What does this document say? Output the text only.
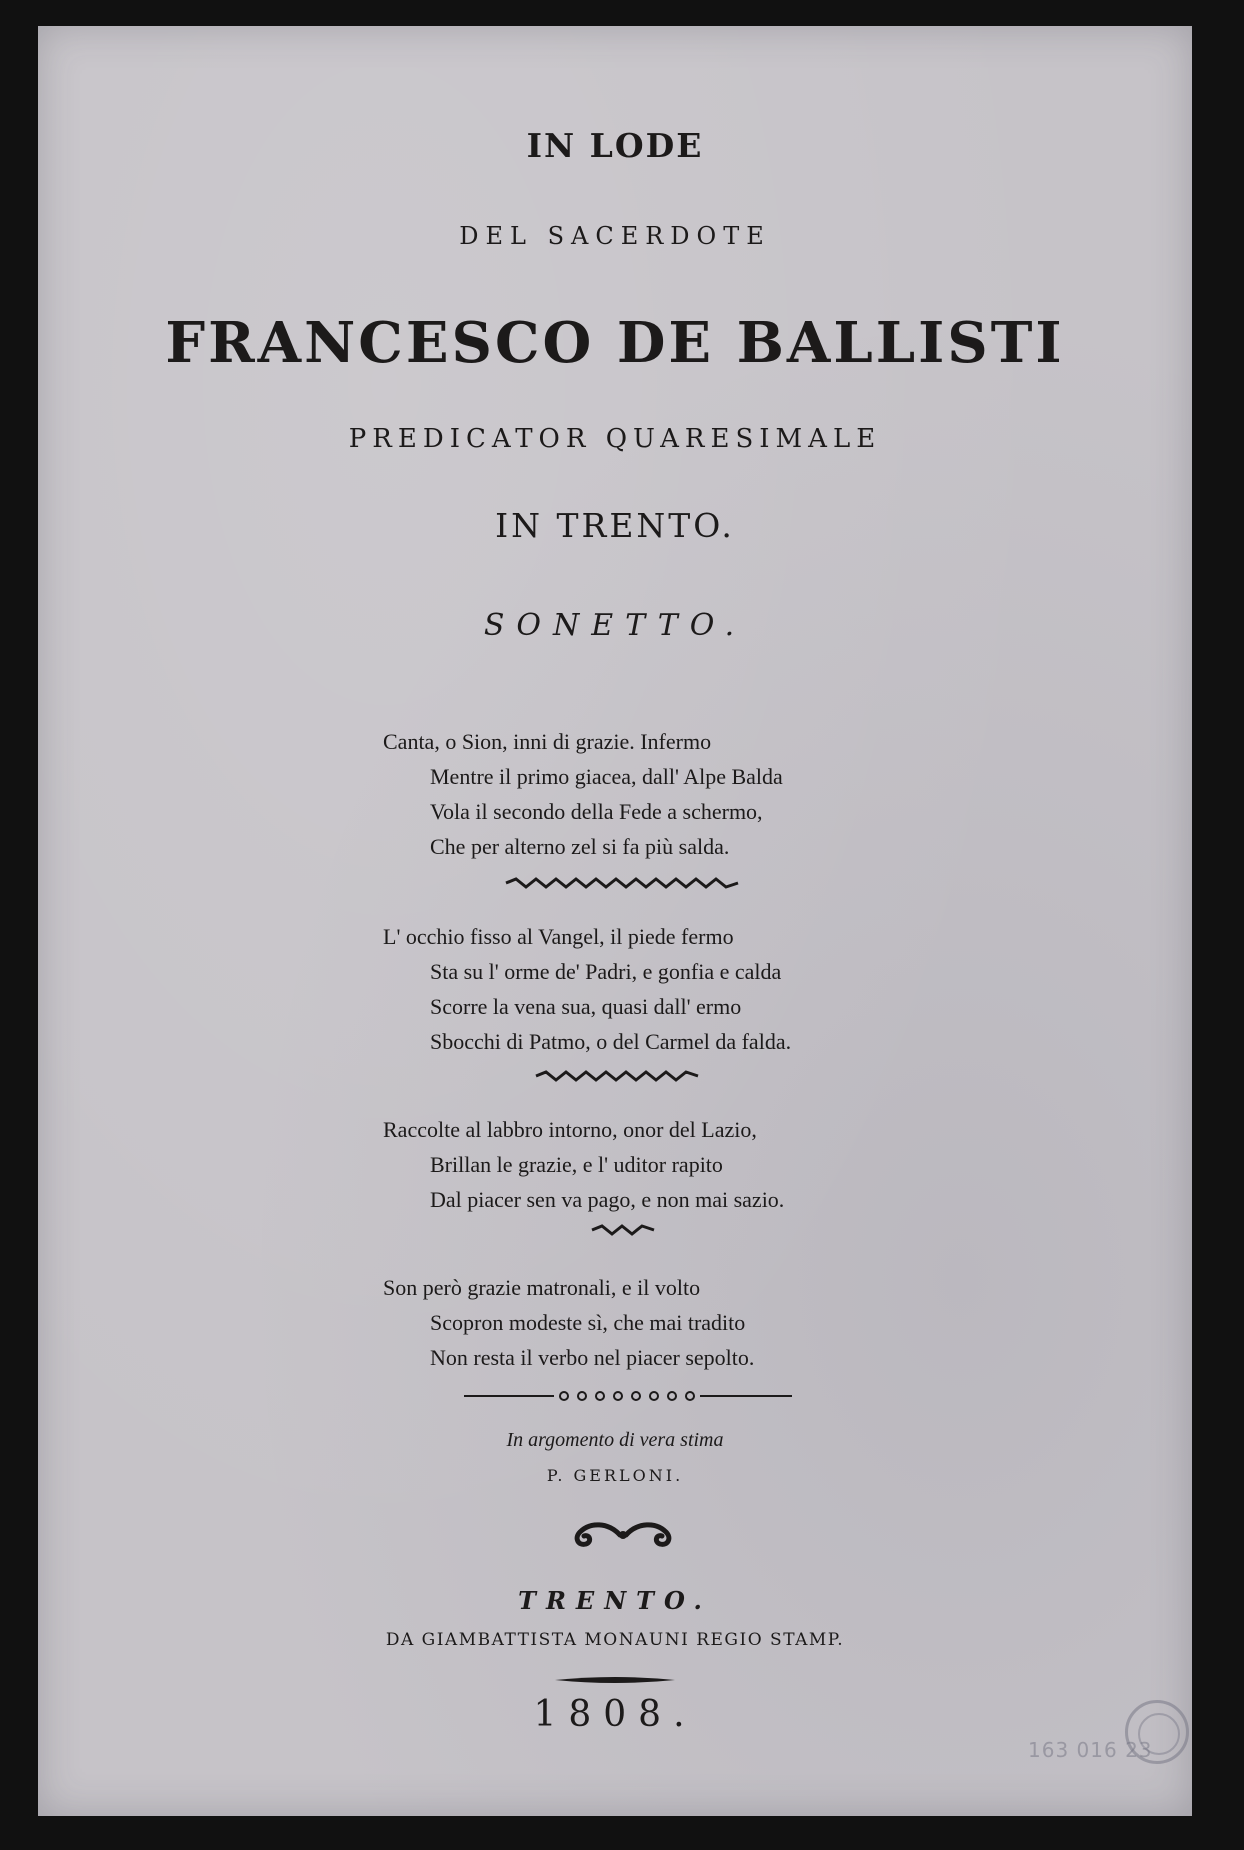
IN LODE
DEL SACERDOTE
FRANCESCO DE BALLISTI
PREDICATOR QUARESIMALE
IN TRENTO.
SONETTO.
Canta, o Sion, inni di grazie. Infermo
Mentre il primo giacea, dall' Alpe Balda
Vola il secondo della Fede a schermo,
Che per alterno zel si fa più salda.
L' occhio fisso al Vangel, il piede fermo
Sta su l' orme de' Padri, e gonfia e calda
Scorre la vena sua, quasi dall' ermo
Sbocchi di Patmo, o del Carmel da falda.
Raccolte al labbro intorno, onor del Lazio,
Brillan le grazie, e l' uditor rapito
Dal piacer sen va pago, e non mai sazio.
Son però grazie matronali, e il volto
Scopron modeste sì, che mai tradito
Non resta il verbo nel piacer sepolto.
In argomento di vera stima
P. GERLONI.
TRENTO.
DA GIAMBATTISTA MONAUNI REGIO STAMP.
1808.
163 016 23
